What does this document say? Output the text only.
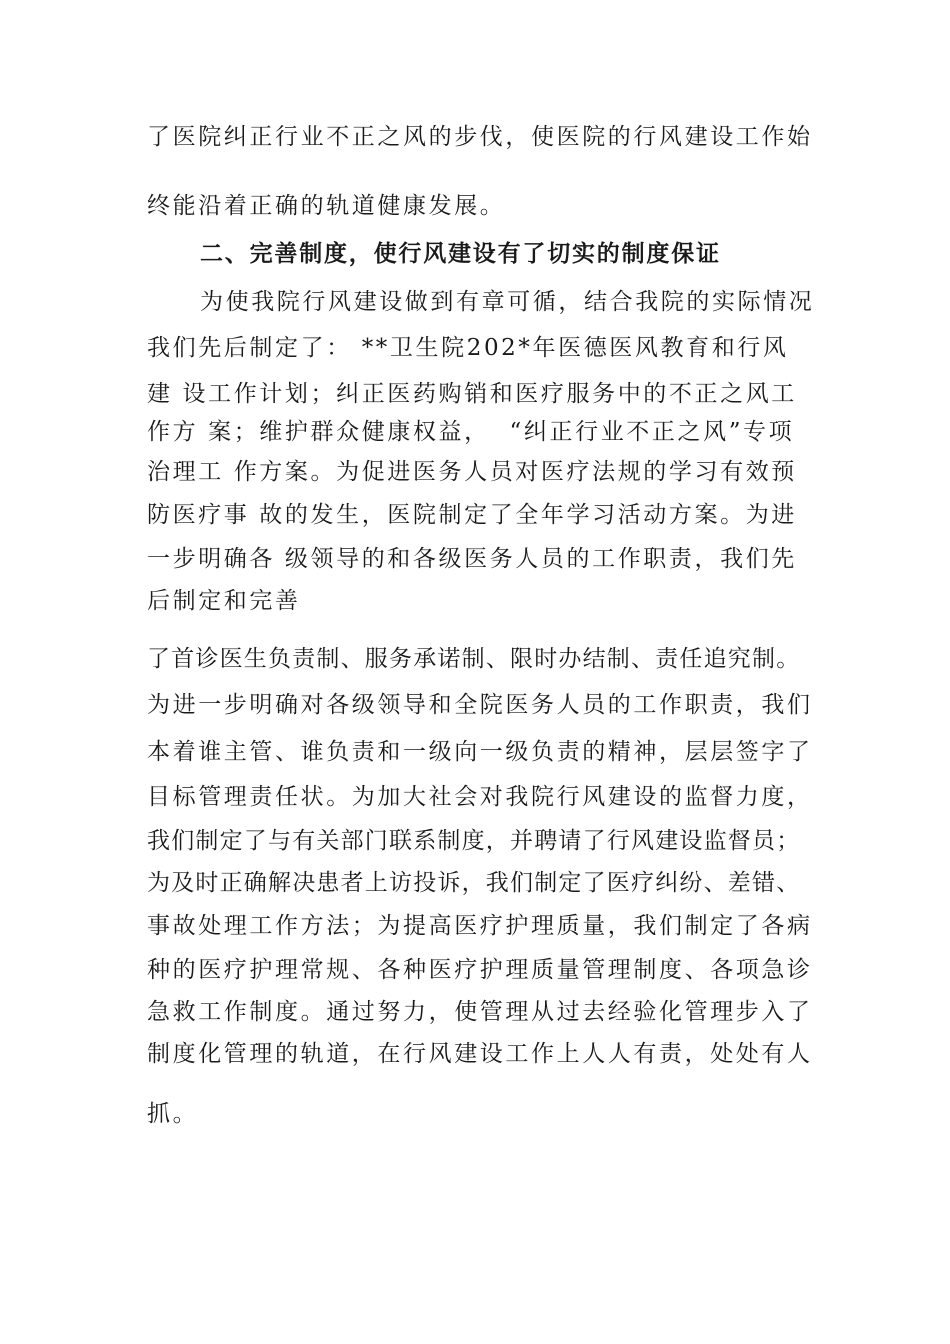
了医院纠正行业不正之风的步伐，使医院的行风建设工作始
终能沿着正确的轨道健康发展。
二、完善制度，使行风建设有了切实的制度保证
为使我院行风建设做到有章可循，结合我院的实际情况
我们先后制定了： **卫生院202*年医德医风教育和行风
建 设工作计划；纠正医药购销和医疗服务中的不正之风工
作方 案；维护群众健康权益，  “纠正行业不正之风”专项
治理工 作方案。为促进医务人员对医疗法规的学习有效预
防医疗事 故的发生，医院制定了全年学习活动方案。为进
一步明确各 级领导的和各级医务人员的工作职责，我们先
后制定和完善
了首诊医生负责制、服务承诺制、限时办结制、责任追究制。
为进一步明确对各级领导和全院医务人员的工作职责，我们
本着谁主管、谁负责和一级向一级负责的精神，层层签字了
目标管理责任状。为加大社会对我院行风建设的监督力度，
我们制定了与有关部门联系制度，并聘请了行风建设监督员；
为及时正确解决患者上访投诉，我们制定了医疗纠纷、差错、
事故处理工作方法；为提高医疗护理质量，我们制定了各病
种的医疗护理常规、各种医疗护理质量管理制度、各项急诊
急救工作制度。通过努力，使管理从过去经验化管理步入了
制度化管理的轨道，在行风建设工作上人人有责，处处有人
抓。
